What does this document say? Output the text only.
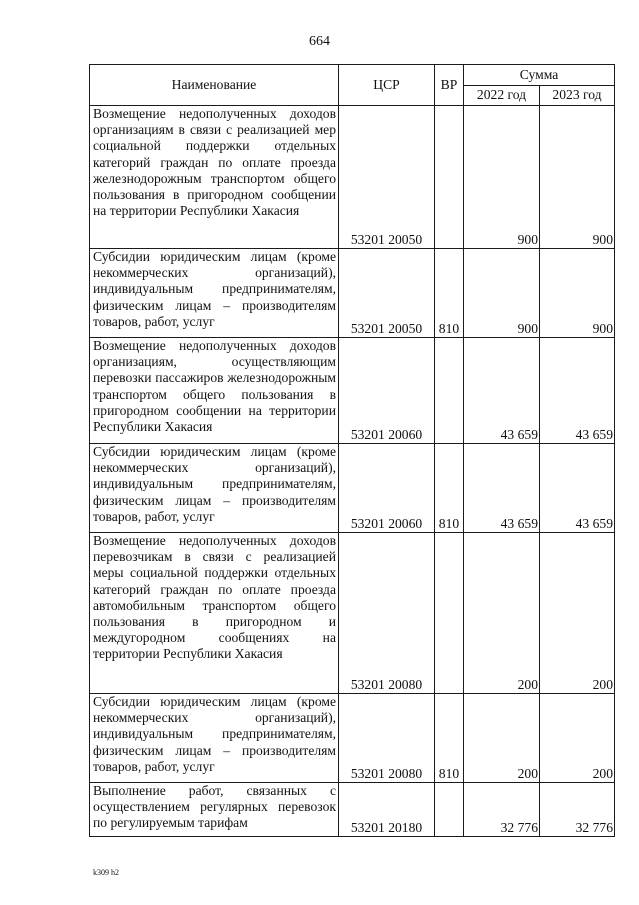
664
Наименование	ЦСР	ВР	Сумма	
			2022 год	2023 год
Возмещение недополученных доходов организациям в связи с реализацией мер социальной поддержки отдельных категорий граждан по оплате проезда железнодорожным транспортом общего пользования в пригородном сообщении на территории Республики Хакасия	53201 20050		900	900
Субсидии юридическим лицам (кроме некоммерческих организаций), индивидуальным предпринимателям, физическим лицам – производителям товаров, работ, услуг	53201 20050	810	900	900
Возмещение недополученных доходов организациям, осуществляющим перевозки пассажиров железнодорожным транспортом общего пользования в пригородном сообщении на территории Республики Хакасия	53201 20060		43 659	43 659
Субсидии юридическим лицам (кроме некоммерческих организаций), индивидуальным предпринимателям, физическим лицам – производителям товаров, работ, услуг	53201 20060	810	43 659	43 659
Возмещение недополученных доходов перевозчикам в связи с реализацией меры социальной поддержки отдельных категорий граждан по оплате проезда автомобильным транспортом общего пользования в пригородном и междугородном сообщениях на территории Республики Хакасия	53201 20080		200	200
Субсидии юридическим лицам (кроме некоммерческих организаций), индивидуальным предпринимателям, физическим лицам – производителям товаров, работ, услуг	53201 20080	810	200	200
Выполнение работ, связанных с осуществлением регулярных перевозок по регулируемым тарифам	53201 20180		32 776	32 776
k309 h2
